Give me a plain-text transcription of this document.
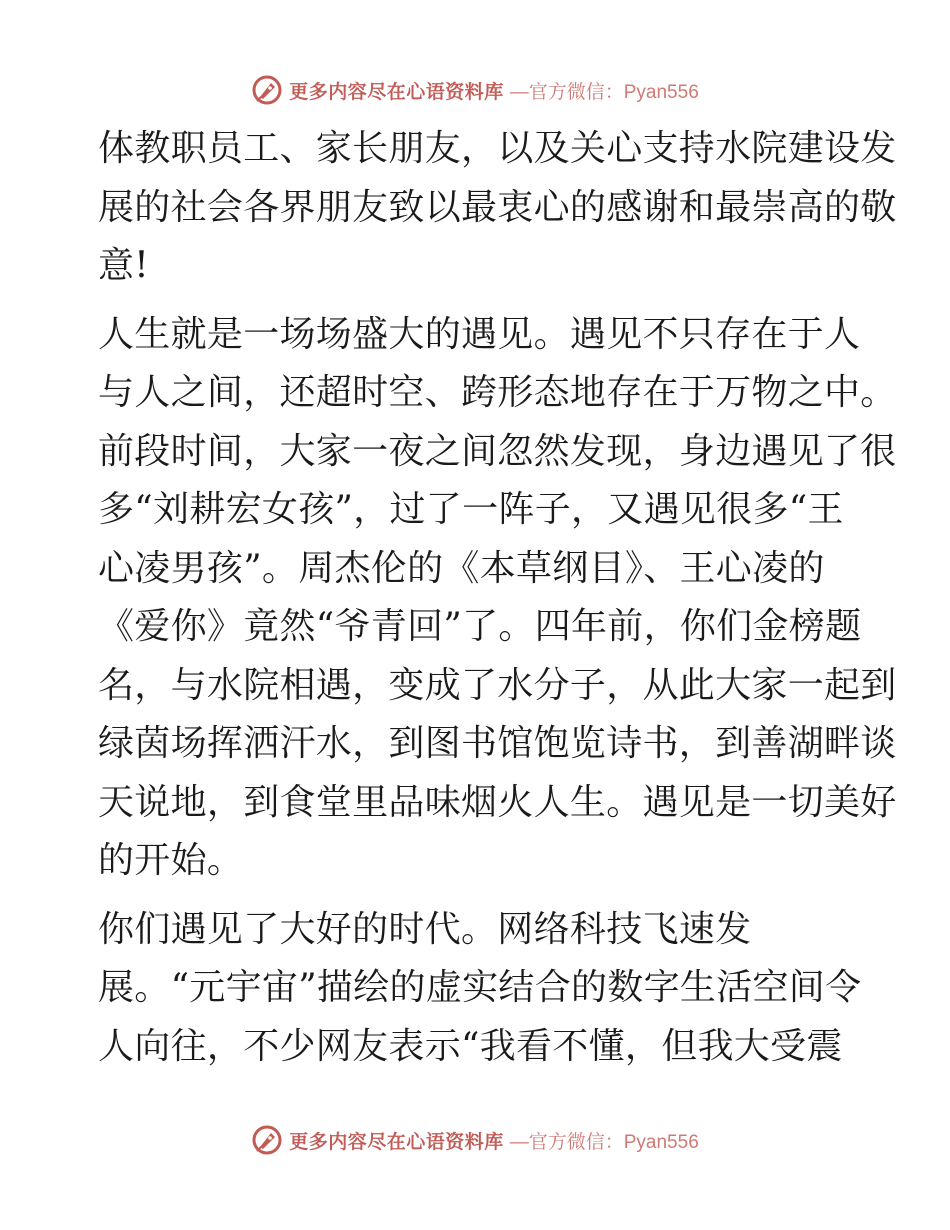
更多内容尽在心语资料库 —官方微信：Pyan556

体教职员工、家长朋友，以及关心支持水院建设发
展的社会各界朋友致以最衷心的感谢和最崇高的敬
意!

人生就是一场场盛大的遇见。遇见不只存在于人
与人之间，还超时空、跨形态地存在于万物之中。
前段时间，大家一夜之间忽然发现，身边遇见了很
多“刘耕宏女孩”，过了一阵子，又遇见很多“王
心凌男孩”。周杰伦的《本草纲目》、王心凌的
《爱你》竟然“爷青回”了。四年前，你们金榜题
名，与水院相遇，变成了水分子，从此大家一起到
绿茵场挥洒汗水，到图书馆饱览诗书，到善湖畔谈
天说地，到食堂里品味烟火人生。遇见是一切美好
的开始。

你们遇见了大好的时代。网络科技飞速发
展。“元宇宙”描绘的虚实结合的数字生活空间令
人向往，不少网友表示“我看不懂，但我大受震

更多内容尽在心语资料库 —官方微信：Pyan556
